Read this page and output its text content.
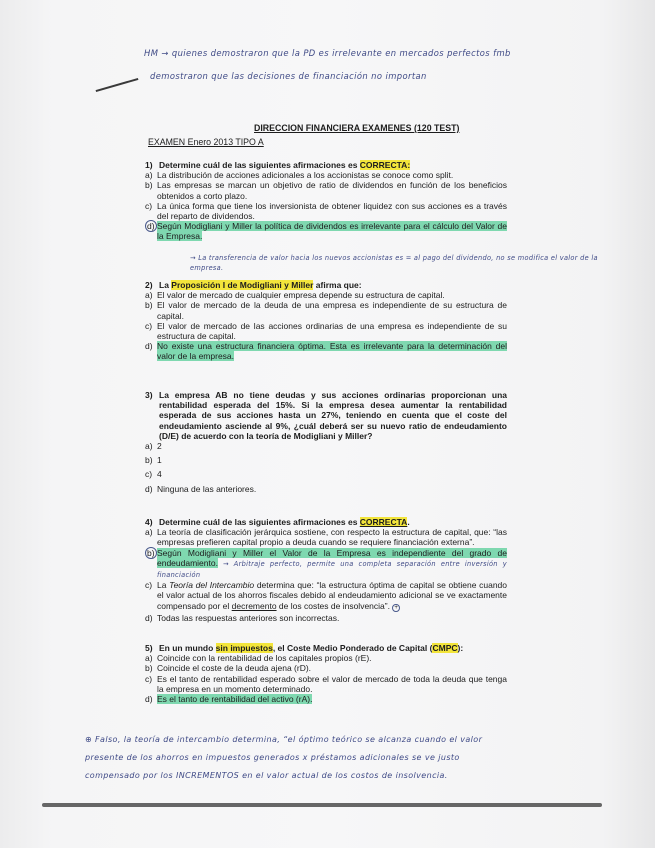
HM → quienes demostraron que la PD es irrelevante en mercados perfectos fmb
demostraron que las decisiones de financiación no importan
DIRECCION FINANCIERA EXAMENES (120 TEST)
EXAMEN Enero 2013 TIPO A
1) Determine cuál de las siguientes afirmaciones es CORRECTA:
a) La distribución de acciones adicionales a los accionistas se conoce como split.
b) Las empresas se marcan un objetivo de ratio de dividendos en función de los beneficios obtenidos a corto plazo.
c) La única forma que tiene los inversionista de obtener liquidez con sus acciones es a través del reparto de dividendos.
d) Según Modigliani y Miller la política de dividendos es irrelevante para el cálculo del Valor de la Empresa.
→ La transferencia de valor hacia los nuevos accionistas es = al pago del dividendo, no se modifica el valor de la empresa.
2) La Proposición I de Modigliani y Miller afirma que:
a) El valor de mercado de cualquier empresa depende su estructura de capital.
b) El valor de mercado de la deuda de una empresa es independiente de su estructura de capital.
c) El valor de mercado de las acciones ordinarias de una empresa es independiente de su estructura de capital.
d) No existe una estructura financiera óptima. Esta es irrelevante para la determinación del valor de la empresa.
3) La empresa AB no tiene deudas y sus acciones ordinarias proporcionan una rentabilidad esperada del 15%. Si la empresa desea aumentar la rentabilidad esperada de sus acciones hasta un 27%, teniendo en cuenta que el coste del endeudamiento asciende al 9%, ¿cuál deberá ser su nuevo ratio de endeudamiento (D/E) de acuerdo con la teoría de Modigliani y Miller?
a) 2
b) 1
c) 4
d) Ninguna de las anteriores.
4) Determine cuál de las siguientes afirmaciones es CORRECTA.
a) La teoría de clasificación jerárquica sostiene, con respecto la estructura de capital, que: “las empresas prefieren capital propio a deuda cuando se requiere financiación externa”.
b) Según Modigliani y Miller el Valor de la Empresa es independiente del grado de endeudamiento. → Arbitraje perfecto, permite una completa separación entre inversión y financiación
c) La Teoría del Intercambio determina que: “la estructura óptima de capital se obtiene cuando el valor actual de los ahorros fiscales debido al endeudamiento adicional se ve exactamente compensado por el decremento de los costes de insolvencia”. +
d) Todas las respuestas anteriores son incorrectas.
5) En un mundo sin impuestos, el Coste Medio Ponderado de Capital (CMPC):
a) Coincide con la rentabilidad de los capitales propios (rE).
b) Coincide el coste de la deuda ajena (rD).
c) Es el tanto de rentabilidad esperado sobre el valor de mercado de toda la deuda que tenga la empresa en un momento determinado.
d) Es el tanto de rentabilidad del activo (rA).
⊕ Falso, la teoría de intercambio determina, “el óptimo teórico se alcanza cuando el valor
presente de los ahorros en impuestos generados x préstamos adicionales se ve justo
compensado por los INCREMENTOS en el valor actual de los costos de insolvencia.
